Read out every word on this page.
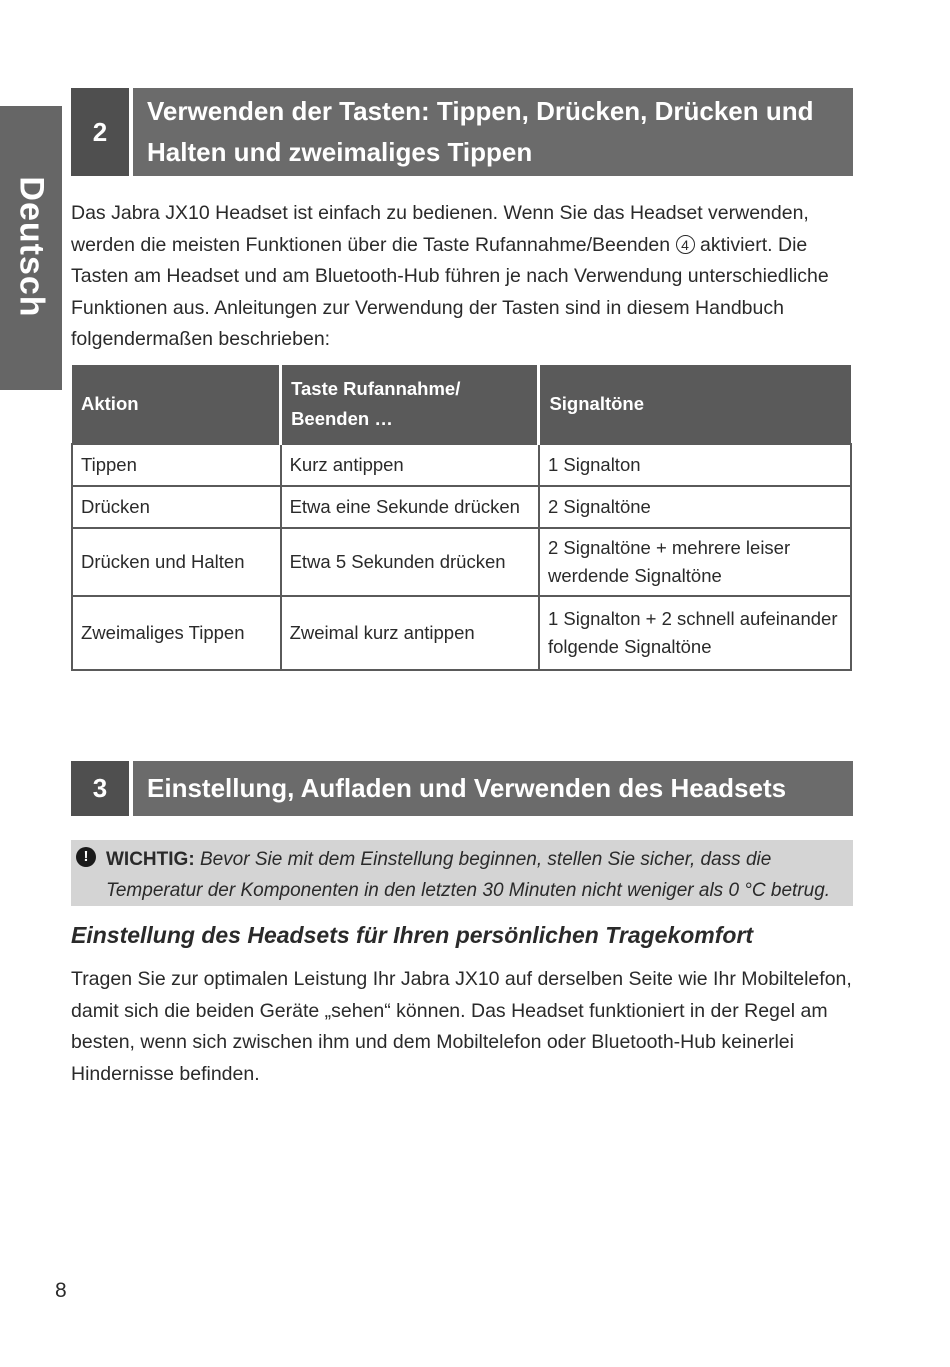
Deutsch
2
Verwenden der Tasten: Tippen, Drücken, Drücken und Halten und zweimaliges Tippen
Das Jabra JX10 Headset ist einfach zu bedienen. Wenn Sie das Headset verwenden, werden die meisten Funktionen über die Taste Rufannahme/Beenden 4 aktiviert. Die Tasten am Headset und am Bluetooth-Hub führen je nach Verwendung unterschiedliche Funktionen aus. Anleitungen zur Verwendung der Tasten sind in diesem Handbuch folgendermaßen beschrieben:
Aktion	Taste Rufannahme/ Beenden …	Signaltöne
Tippen	Kurz antippen	1 Signalton
Drücken	Etwa eine Sekunde drücken	2 Signaltöne
Drücken und Halten	Etwa 5 Sekunden drücken	2 Signaltöne + mehrere leiser werdende Signaltöne
Zweimaliges Tippen	Zweimal kurz antippen	1 Signalton + 2 schnell aufeinander folgende Signaltöne
3	Einstellung, Aufladen und Verwenden des Headsets
! WICHTIG: Bevor Sie mit dem Einstellung beginnen, stellen Sie sicher, dass die Temperatur der Komponenten in den letzten 30 Minuten nicht weniger als 0 °C betrug.
Einstellung des Headsets für Ihren persönlichen Tragekomfort
Tragen Sie zur optimalen Leistung Ihr Jabra JX10 auf derselben Seite wie Ihr Mobiltelefon, damit sich die beiden Geräte „sehen“ können. Das Headset funktioniert in der Regel am besten, wenn sich zwischen ihm und dem Mobiltelefon oder Bluetooth-Hub keinerlei Hindernisse befinden.
8
